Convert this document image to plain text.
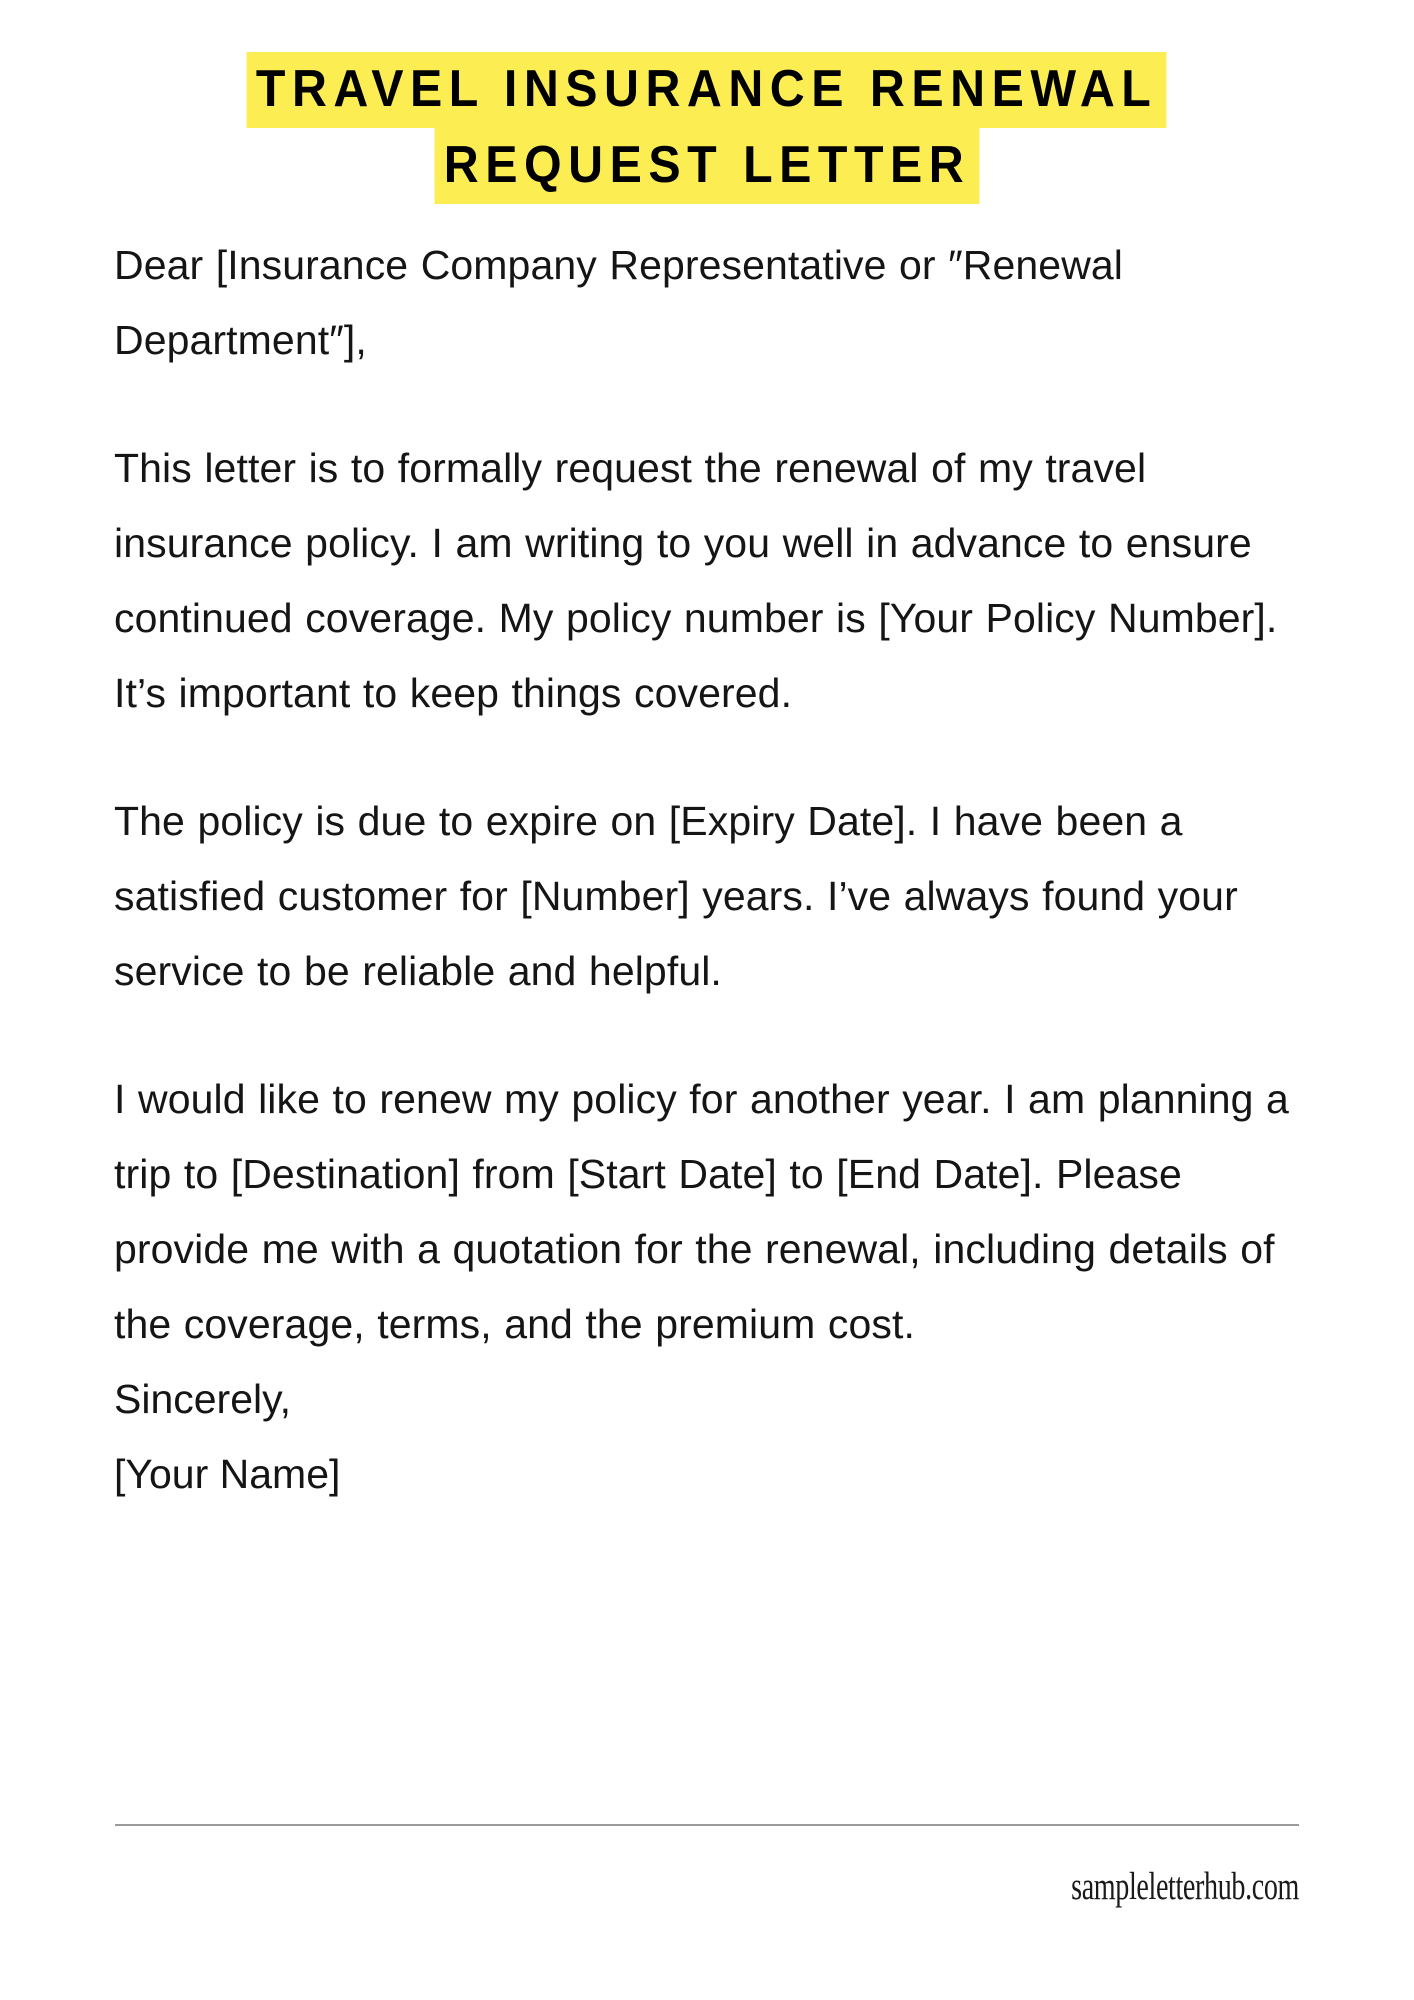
TRAVEL INSURANCE RENEWAL
REQUEST LETTER

Dear [Insurance Company Representative or ″Renewal Department″],

This letter is to formally request the renewal of my travel insurance policy. I am writing to you well in advance to ensure continued coverage. My policy number is [Your Policy Number]. It’s important to keep things covered.

The policy is due to expire on [Expiry Date]. I have been a satisfied customer for [Number] years. I’ve always found your service to be reliable and helpful.

I would like to renew my policy for another year. I am planning a trip to [Destination] from [Start Date] to [End Date]. Please provide me with a quotation for the renewal, including details of the coverage, terms, and the premium cost.

Sincerely,
[Your Name]
sampleletterhub.com
